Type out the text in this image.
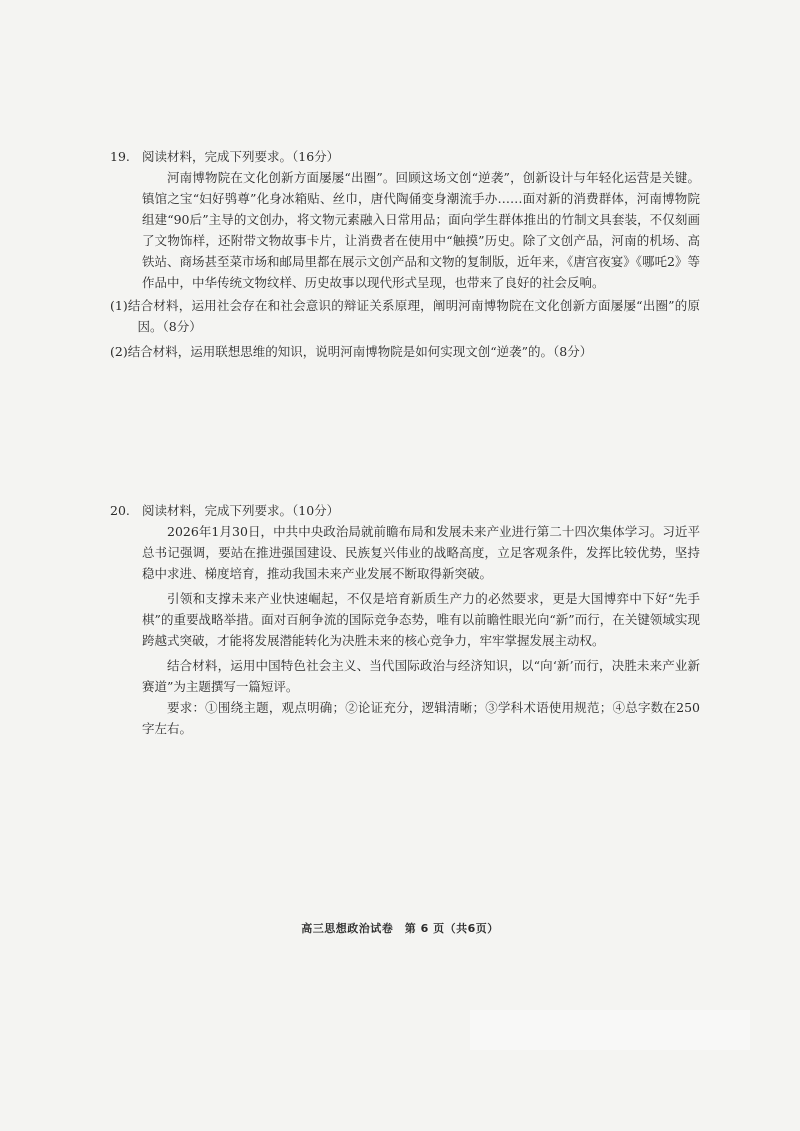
19. 阅读材料，完成下列要求。（16分）

河南博物院在文化创新方面屡屡“出圈”。回顾这场文创“逆袭”，创新设计与年轻化运营是关键。镇馆之宝“妇好鸮尊”化身冰箱贴、丝巾，唐代陶俑变身潮流手办……面对新的消费群体，河南博物院组建“90后”主导的文创办，将文物元素融入日常用品；面向学生群体推出的竹制文具套装，不仅刻画了文物饰样，还附带文物故事卡片，让消费者在使用中“触摸”历史。除了文创产品，河南的机场、高铁站、商场甚至菜市场和邮局里都在展示文创产品和文物的复制版，近年来，《唐宫夜宴》《哪吒2》等作品中，中华传统文物纹样、历史故事以现代形式呈现，也带来了良好的社会反响。

(1)结合材料，运用社会存在和社会意识的辩证关系原理，阐明河南博物院在文化创新方面屡屡“出圈”的原因。（8分）

(2)结合材料，运用联想思维的知识，说明河南博物院是如何实现文创“逆袭”的。（8分）

20. 阅读材料，完成下列要求。（10分）

2026年1月30日，中共中央政治局就前瞻布局和发展未来产业进行第二十四次集体学习。习近平总书记强调，要站在推进强国建设、民族复兴伟业的战略高度，立足客观条件，发挥比较优势，坚持稳中求进、梯度培育，推动我国未来产业发展不断取得新突破。

引领和支撑未来产业快速崛起，不仅是培育新质生产力的必然要求，更是大国博弈中下好“先手棋”的重要战略举措。面对百舸争流的国际竞争态势，唯有以前瞻性眼光向“新”而行，在关键领域实现跨越式突破，才能将发展潜能转化为决胜未来的核心竞争力，牢牢掌握发展主动权。

结合材料，运用中国特色社会主义、当代国际政治与经济知识，以“向‘新’而行，决胜未来产业新赛道”为主题撰写一篇短评。

要求：①围绕主题，观点明确；②论证充分，逻辑清晰；③学科术语使用规范；④总字数在250字左右。

高三思想政治试卷　第 6 页（共6页）
